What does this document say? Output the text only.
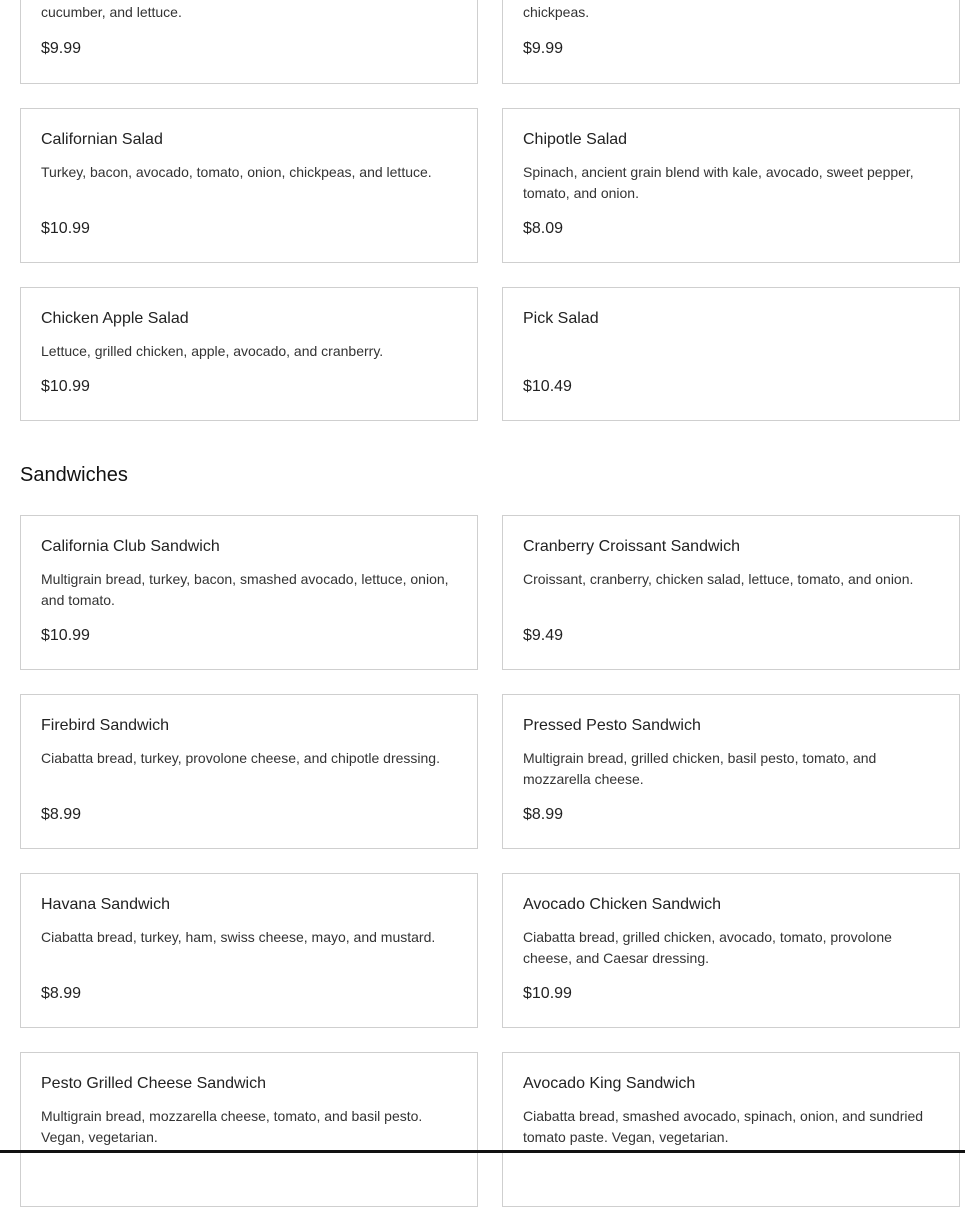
cucumber, and lettuce.
$9.99
chickpeas.
$9.99
Californian Salad
Turkey, bacon, avocado, tomato, onion, chickpeas, and lettuce.
$10.99
Chipotle Salad
Spinach, ancient grain blend with kale, avocado, sweet pepper, tomato, and onion.
$8.09
Chicken Apple Salad
Lettuce, grilled chicken, apple, avocado, and cranberry.
$10.99
Pick Salad
$10.49
Sandwiches
California Club Sandwich
Multigrain bread, turkey, bacon, smashed avocado, lettuce, onion, and tomato.
$10.99
Cranberry Croissant Sandwich
Croissant, cranberry, chicken salad, lettuce, tomato, and onion.
$9.49
Firebird Sandwich
Ciabatta bread, turkey, provolone cheese, and chipotle dressing.
$8.99
Pressed Pesto Sandwich
Multigrain bread, grilled chicken, basil pesto, tomato, and mozzarella cheese.
$8.99
Havana Sandwich
Ciabatta bread, turkey, ham, swiss cheese, mayo, and mustard.
$8.99
Avocado Chicken Sandwich
Ciabatta bread, grilled chicken, avocado, tomato, provolone cheese, and Caesar dressing.
$10.99
Pesto Grilled Cheese Sandwich
Multigrain bread, mozzarella cheese, tomato, and basil pesto. Vegan, vegetarian.
Avocado King Sandwich
Ciabatta bread, smashed avocado, spinach, onion, and sundried tomato paste. Vegan, vegetarian.
